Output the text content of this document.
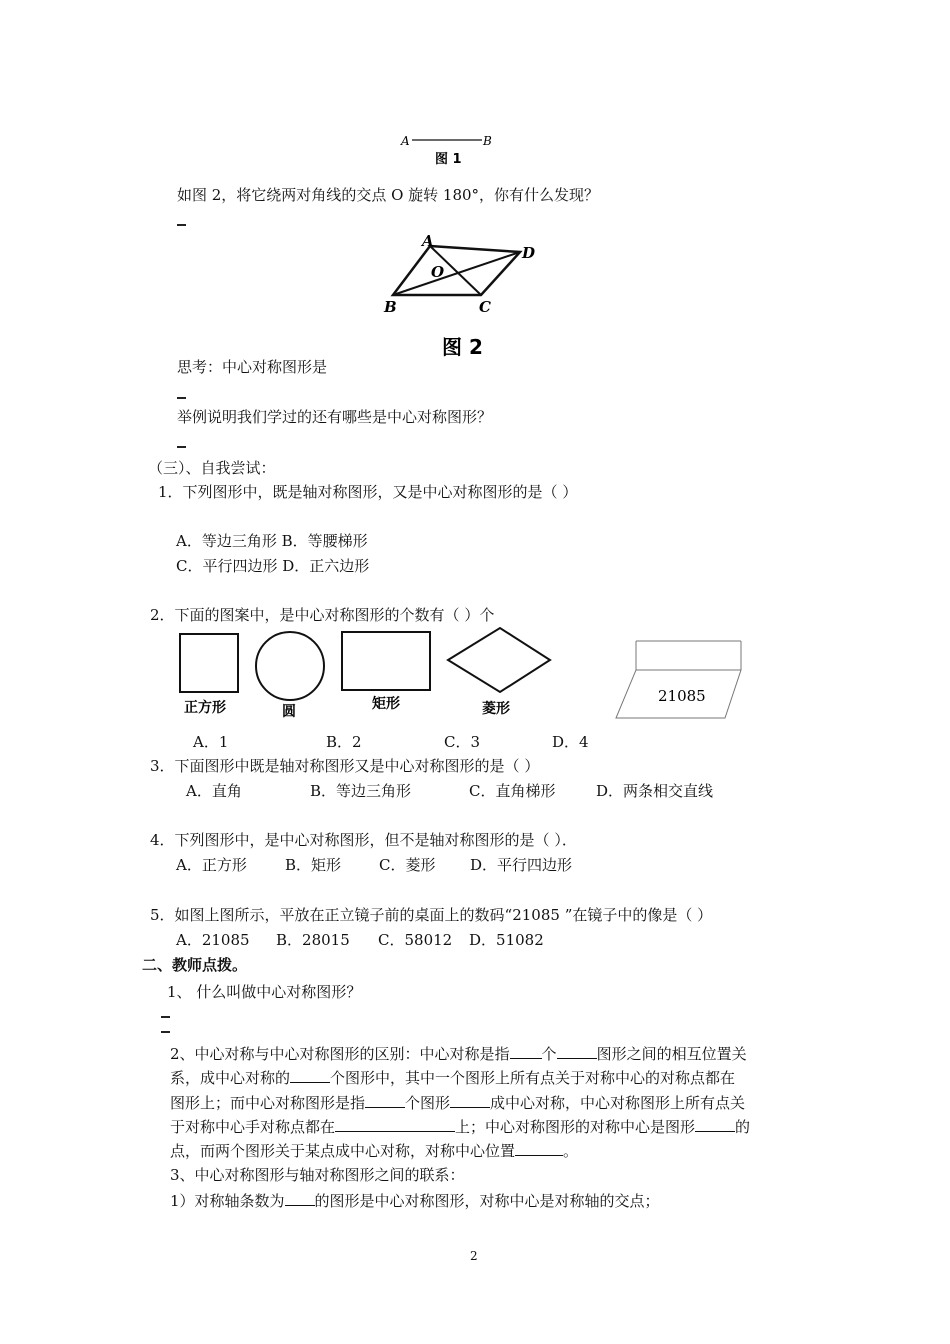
A	B
图 1
如图 2，将它绕两对角线的交点 O 旋转 180°，你有什么发现？
A
D
O
B	C
图 2
思考：中心对称图形是
举例说明我们学过的还有哪些是中心对称图形？
（三）、自我尝试：
1．下列图形中，既是轴对称图形，又是中心对称图形的是（ ）
A．等边三角形 B．等腰梯形
C．平行四边形 D．正六边形
2．下面的图案中，是中心对称图形的个数有（ ）个
正方形	圆	矩形	菱形
21085
A．1	B．2	C．3	D．4
3．下面图形中既是轴对称图形又是中心对称图形的是（ ）
A．直角	B．等边三角形	C．直角梯形	D．两条相交直线
4．下列图形中，是中心对称图形，但不是轴对称图形的是（ ）．
A．正方形	B．矩形	C．菱形 D．平行四边形
5．如图上图所示，平放在正立镜子前的桌面上的数码“21085 ”在镜子中的像是（ ）
A．21085 B．28015 C．58012 D．51082
二、教师点拨。
1、 什么叫做中心对称图形？
2、中心对称与中心对称图形的区别：中心对称是指 个	图形之间的相互位置关
系，成中心对称的	个图形中，其中一个图形上所有点关于对称中心的对称点都在
图形上；而中心对称图形是指	个图形	成中心对称，中心对称图形上所有点关
于对称中心手对称点都在	上；中心对称图形的对称中心是图形	的
点，而两个图形关于某点成中心对称，对称中心位置	。
3、中心对称图形与轴对称图形之间的联系：
1）对称轴条数为 的图形是中心对称图形，对称中心是对称轴的交点；
2
